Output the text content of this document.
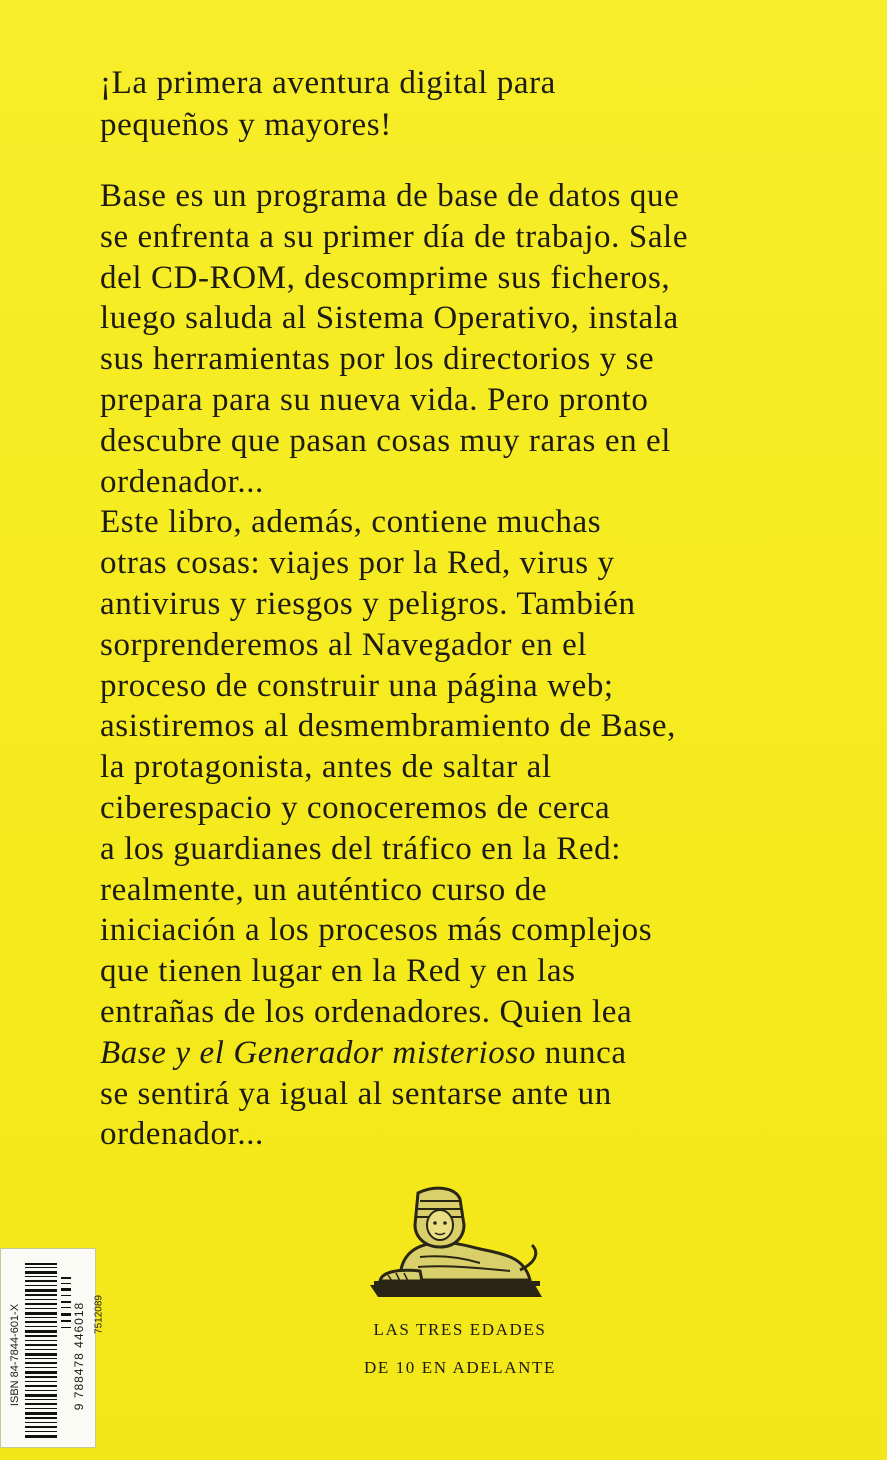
¡La primera aventura digital para
pequeños y mayores!

Base es un programa de base de datos que
se enfrenta a su primer día de trabajo. Sale
del CD-ROM, descomprime sus ficheros,
luego saluda al Sistema Operativo, instala
sus herramientas por los directorios y se
prepara para su nueva vida. Pero pronto
descubre que pasan cosas muy raras en el
ordenador...
Este libro, además, contiene muchas
otras cosas: viajes por la Red, virus y
antivirus y riesgos y peligros. También
sorprenderemos al Navegador en el
proceso de construir una página web;
asistiremos al desmembramiento de Base,
la protagonista, antes de saltar al
ciberespacio y conoceremos de cerca
a los guardianes del tráfico en la Red:
realmente, un auténtico curso de
iniciación a los procesos más complejos
que tienen lugar en la Red y en las
entrañas de los ordenadores. Quien lea
Base y el Generador misterioso nunca
se sentirá ya igual al sentarse ante un
ordenador...

LAS TRES EDADES
DE 10 EN ADELANTE
ISBN 84-7844-601-X	9 788478 446018 7512089
